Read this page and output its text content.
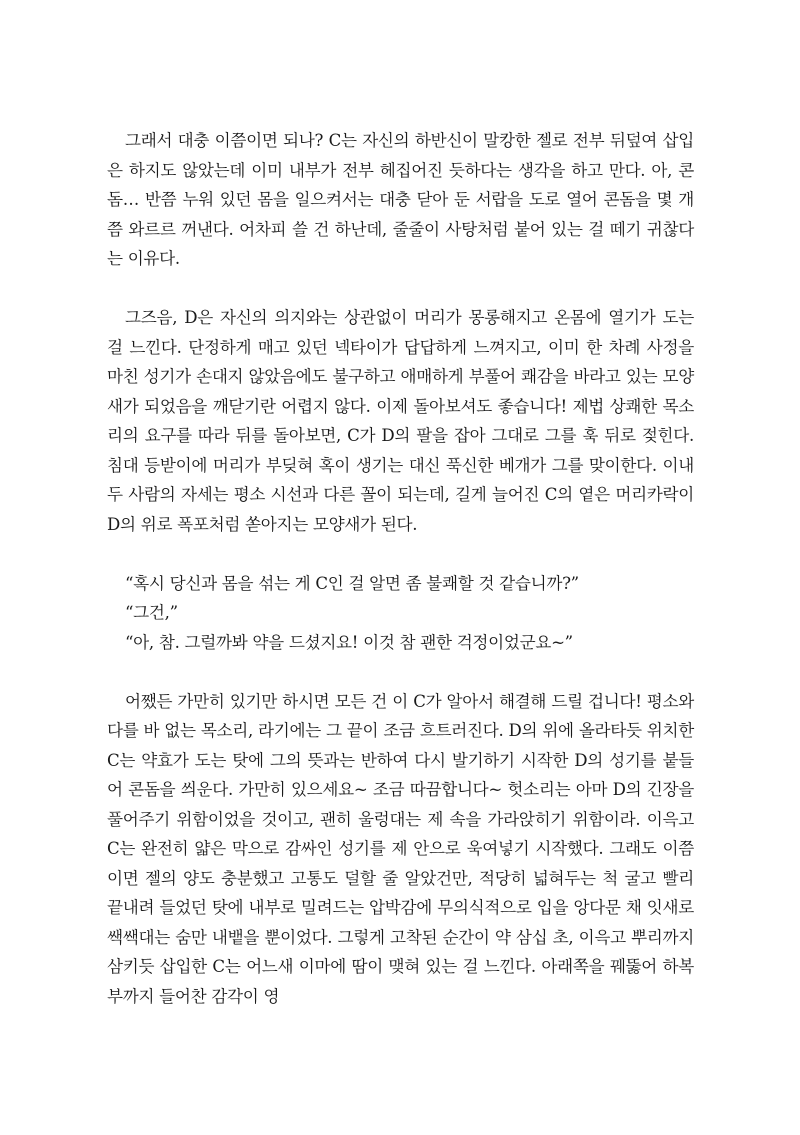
그래서 대충 이쯤이면 되나? C는 자신의 하반신이 말캉한 젤로 전부 뒤덮여 삽입은 하지도 않았는데 이미 내부가 전부 헤집어진 듯하다는 생각을 하고 만다. 아, 콘돔… 반쯤 누워 있던 몸을 일으켜서는 대충 닫아 둔 서랍을 도로 열어 콘돔을 몇 개쯤 와르르 꺼낸다. 어차피 쓸 건 하난데, 줄줄이 사탕처럼 붙어 있는 걸 떼기 귀찮다는 이유다.

그즈음, D은 자신의 의지와는 상관없이 머리가 몽롱해지고 온몸에 열기가 도는 걸 느낀다. 단정하게 매고 있던 넥타이가 답답하게 느껴지고, 이미 한 차례 사정을 마친 성기가 손대지 않았음에도 불구하고 애매하게 부풀어 쾌감을 바라고 있는 모양새가 되었음을 깨닫기란 어렵지 않다. 이제 돌아보셔도 좋습니다! 제법 상쾌한 목소리의 요구를 따라 뒤를 돌아보면, C가 D의 팔을 잡아 그대로 그를 훅 뒤로 젖힌다. 침대 등받이에 머리가 부딪혀 혹이 생기는 대신 푹신한 베개가 그를 맞이한다. 이내 두 사람의 자세는 평소 시선과 다른 꼴이 되는데, 길게 늘어진 C의 옅은 머리카락이 D의 위로 폭포처럼 쏟아지는 모양새가 된다.

“혹시 당신과 몸을 섞는 게 C인 걸 알면 좀 불쾌할 것 같습니까?”

“그건,”

“아, 참. 그럴까봐 약을 드셨지요! 이것 참 괜한 걱정이었군요~”

어쨌든 가만히 있기만 하시면 모든 건 이 C가 알아서 해결해 드릴 겁니다! 평소와 다를 바 없는 목소리, 라기에는 그 끝이 조금 흐트러진다. D의 위에 올라타듯 위치한 C는 약효가 도는 탓에 그의 뜻과는 반하여 다시 발기하기 시작한 D의 성기를 붙들어 콘돔을 씌운다. 가만히 있으세요~ 조금 따끔합니다~ 헛소리는 아마 D의 긴장을 풀어주기 위함이었을 것이고, 괜히 울렁대는 제 속을 가라앉히기 위함이라. 이윽고 C는 완전히 얇은 막으로 감싸인 성기를 제 안으로 욱여넣기 시작했다. 그래도 이쯤이면 젤의 양도 충분했고 고통도 덜할 줄 알았건만, 적당히 넓혀두는 척 굴고 빨리 끝내려 들었던 탓에 내부로 밀려드는 압박감에 무의식적으로 입을 앙다문 채 잇새로 쌕쌕대는 숨만 내뱉을 뿐이었다. 그렇게 고착된 순간이 약 삼십 초, 이윽고 뿌리까지 삼키듯 삽입한 C는 어느새 이마에 땀이 맺혀 있는 걸 느낀다. 아래쪽을 꿰뚫어 하복부까지 들어찬 감각이 영
